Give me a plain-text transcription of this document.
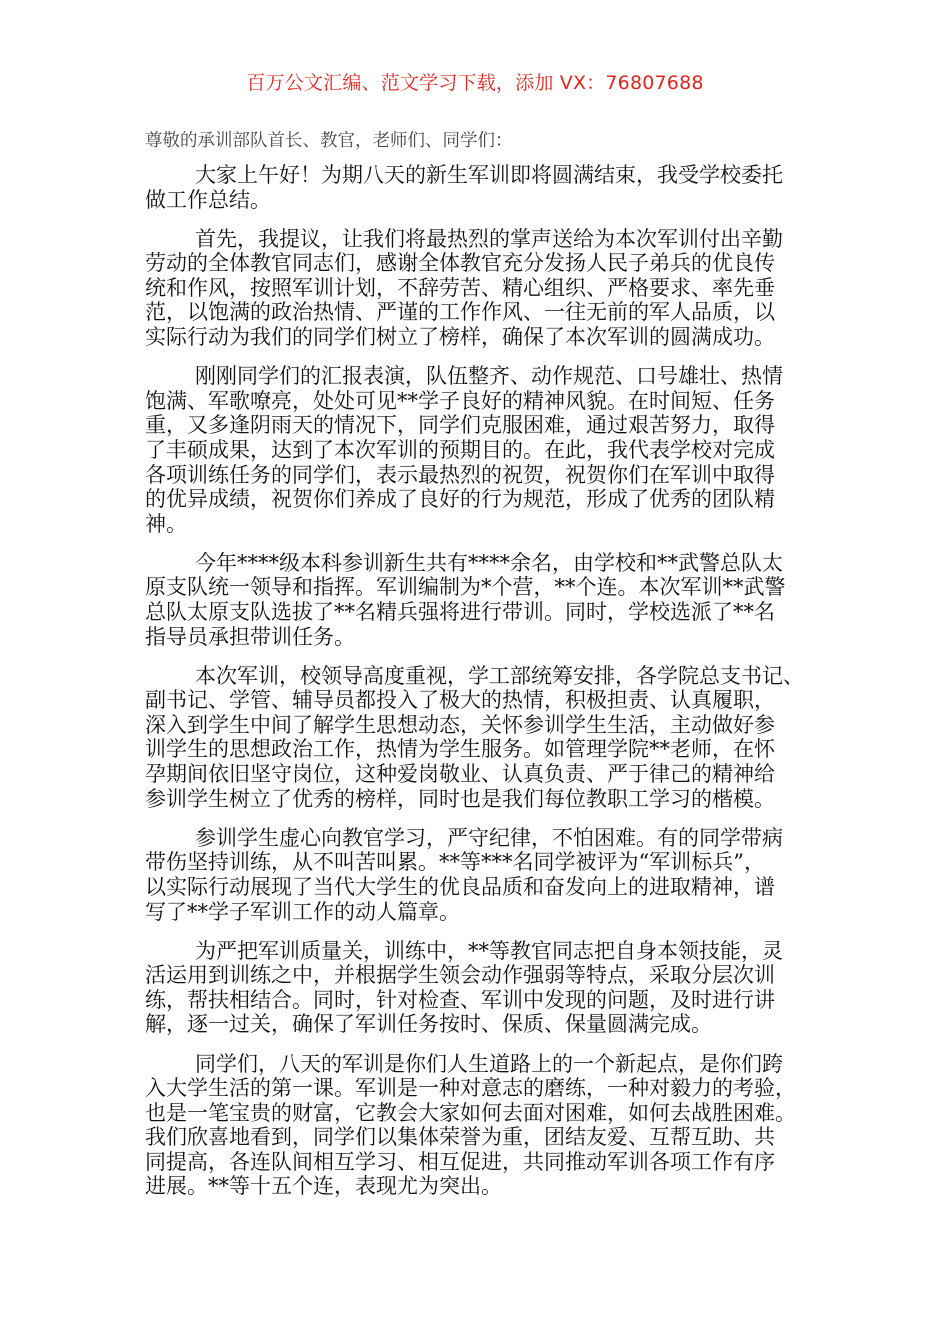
百万公文汇编、范文学习下载，添加 VX：76807688
尊敬的承训部队首长、教官，老师们、同学们：
大家上午好！为期八天的新生军训即将圆满结束，我受学校委托
做工作总结。
首先，我提议，让我们将最热烈的掌声送给为本次军训付出辛勤
劳动的全体教官同志们，感谢全体教官充分发扬人民子弟兵的优良传
统和作风，按照军训计划，不辞劳苦、精心组织、严格要求、率先垂
范，以饱满的政治热情、严谨的工作作风、一往无前的军人品质，以
实际行动为我们的同学们树立了榜样，确保了本次军训的圆满成功。
刚刚同学们的汇报表演，队伍整齐、动作规范、口号雄壮、热情
饱满、军歌嘹亮，处处可见**学子良好的精神风貌。在时间短、任务
重，又多逢阴雨天的情况下，同学们克服困难，通过艰苦努力，取得
了丰硕成果，达到了本次军训的预期目的。在此，我代表学校对完成
各项训练任务的同学们，表示最热烈的祝贺，祝贺你们在军训中取得
的优异成绩，祝贺你们养成了良好的行为规范，形成了优秀的团队精
神。
今年****级本科参训新生共有****余名，由学校和**武警总队太
原支队统一领导和指挥。军训编制为*个营，**个连。本次军训**武警
总队太原支队选拔了**名精兵强将进行带训。同时，学校选派了**名
指导员承担带训任务。
本次军训，校领导高度重视，学工部统筹安排，各学院总支书记、
副书记、学管、辅导员都投入了极大的热情，积极担责、认真履职，
深入到学生中间了解学生思想动态，关怀参训学生生活，主动做好参
训学生的思想政治工作，热情为学生服务。如管理学院**老师，在怀
孕期间依旧坚守岗位，这种爱岗敬业、认真负责、严于律己的精神给
参训学生树立了优秀的榜样，同时也是我们每位教职工学习的楷模。
参训学生虚心向教官学习，严守纪律，不怕困难。有的同学带病
带伤坚持训练，从不叫苦叫累。**等***名同学被评为“军训标兵”，
以实际行动展现了当代大学生的优良品质和奋发向上的进取精神，谱
写了**学子军训工作的动人篇章。
为严把军训质量关，训练中，**等教官同志把自身本领技能，灵
活运用到训练之中，并根据学生领会动作强弱等特点，采取分层次训
练，帮扶相结合。同时，针对检查、军训中发现的问题，及时进行讲
解，逐一过关，确保了军训任务按时、保质、保量圆满完成。
同学们，八天的军训是你们人生道路上的一个新起点，是你们跨
入大学生活的第一课。军训是一种对意志的磨练，一种对毅力的考验，
也是一笔宝贵的财富，它教会大家如何去面对困难，如何去战胜困难。
我们欣喜地看到，同学们以集体荣誉为重，团结友爱、互帮互助、共
同提高，各连队间相互学习、相互促进，共同推动军训各项工作有序
进展。**等十五个连，表现尤为突出。
